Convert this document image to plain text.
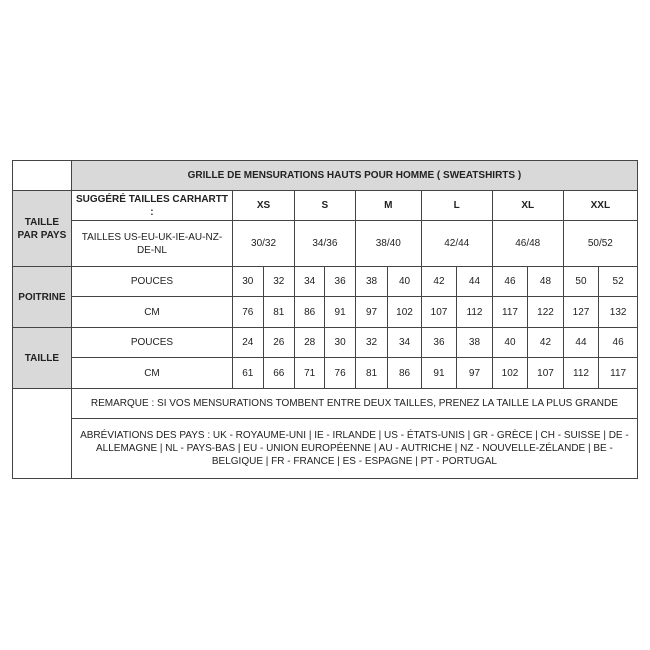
	GRILLE DE MENSURATIONS HAUTS POUR HOMME ( SWEATSHIRTS )												
TAILLE PAR PAYS	SUGGÉRÉ TAILLES CARHARTT :	XS		S		M		L		XL		XXL	
	TAILLES US-EU-UK-IE-AU-NZ-DE-NL	30/32		34/36		38/40		42/44		46/48		50/52	
POITRINE	POUCES	30	32	34	36	38	40	42	44	46	48	50	52
	CM	76	81	86	91	97	102	107	112	117	122	127	132
TAILLE	POUCES	24	26	28	30	32	34	36	38	40	42	44	46
	CM	61	66	71	76	81	86	91	97	102	107	112	117
	REMARQUE : SI VOS MENSURATIONS TOMBENT ENTRE DEUX TAILLES, PRENEZ LA TAILLE LA PLUS GRANDE												
	ABRÉVIATIONS DES PAYS : UK - ROYAUME-UNI | IE - IRLANDE | US - ÉTATS-UNIS | GR - GRÈCE | CH - SUISSE | DE - ALLEMAGNE | NL - PAYS-BAS | EU - UNION EUROPÉENNE | AU - AUTRICHE | NZ - NOUVELLE-ZÉLANDE | BE - BELGIQUE | FR - FRANCE | ES - ESPAGNE | PT - PORTUGAL												
